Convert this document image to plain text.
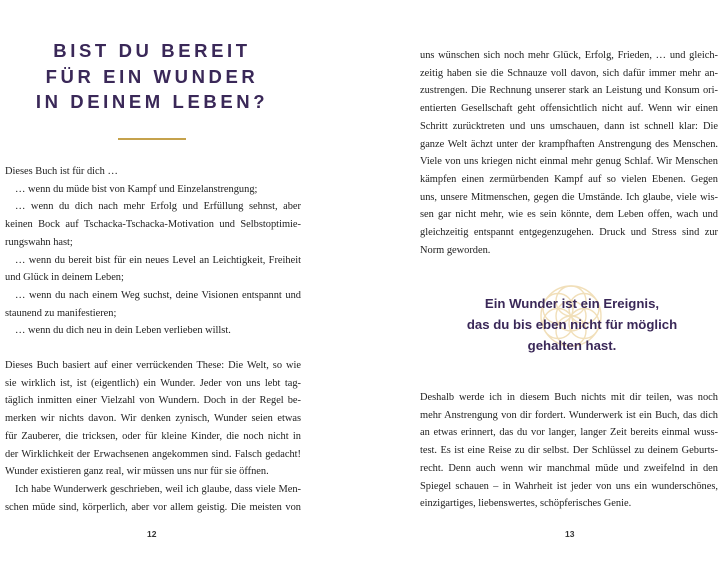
BIST DU BEREIT
FÜR EIN WUNDER
IN DEINEM LEBEN?

Dieses Buch ist für dich …
… wenn du müde bist von Kampf und Einzelanstrengung;
… wenn du dich nach mehr Erfolg und Erfüllung sehnst, aber
keinen Bock auf Tschacka-Tschacka-Motivation und Selbstoptimie-
rungswahn hast;
… wenn du bereit bist für ein neues Level an Leichtigkeit, Freiheit
und Glück in deinem Leben;
… wenn du nach einem Weg suchst, deine Visionen entspannt und
staunend zu manifestieren;
… wenn du dich neu in dein Leben verlieben willst.

Dieses Buch basiert auf einer verrückenden These: Die Welt, so wie
sie wirklich ist, ist (eigentlich) ein Wunder. Jeder von uns lebt tag-
täglich inmitten einer Vielzahl von Wundern. Doch in der Regel be-
merken wir nichts davon. Wir denken zynisch, Wunder seien etwas
für Zauberer, die tricksen, oder für kleine Kinder, die noch nicht in
der Wirklichkeit der Erwachsenen angekommen sind. Falsch gedacht!
Wunder existieren ganz real, wir müssen uns nur für sie öffnen.
Ich habe Wunderwerk geschrieben, weil ich glaube, dass viele Men-
schen müde sind, körperlich, aber vor allem geistig. Die meisten von

12

uns wünschen sich noch mehr Glück, Erfolg, Frieden, … und gleich-
zeitig haben sie die Schnauze voll davon, sich dafür immer mehr an-
zustrengen. Die Rechnung unserer stark an Leistung und Konsum ori-
entierten Gesellschaft geht offensichtlich nicht auf. Wenn wir einen
Schritt zurücktreten und uns umschauen, dann ist schnell klar: Die
ganze Welt ächzt unter der krampfhaften Anstrengung des Menschen.
Viele von uns kriegen nicht einmal mehr genug Schlaf. Wir Menschen
kämpfen einen zermürbenden Kampf auf so vielen Ebenen. Gegen
uns, unsere Mitmenschen, gegen die Umstände. Ich glaube, viele wis-
sen gar nicht mehr, wie es sein könnte, dem Leben offen, wach und
gleichzeitig entspannt entgegenzugehen. Druck und Stress sind zur
Norm geworden.

Ein Wunder ist ein Ereignis,
das du bis eben nicht für möglich
gehalten hast.

Deshalb werde ich in diesem Buch nichts mit dir teilen, was noch
mehr Anstrengung von dir fordert. Wunderwerk ist ein Buch, das dich
an etwas erinnert, das du vor langer, langer Zeit bereits einmal wuss-
test. Es ist eine Reise zu dir selbst. Der Schlüssel zu deinem Geburts-
recht. Denn auch wenn wir manchmal müde und zweifelnd in den
Spiegel schauen – in Wahrheit ist jeder von uns ein wunderschönes,
einzigartiges, liebenswertes, schöpferisches Genie.

13
